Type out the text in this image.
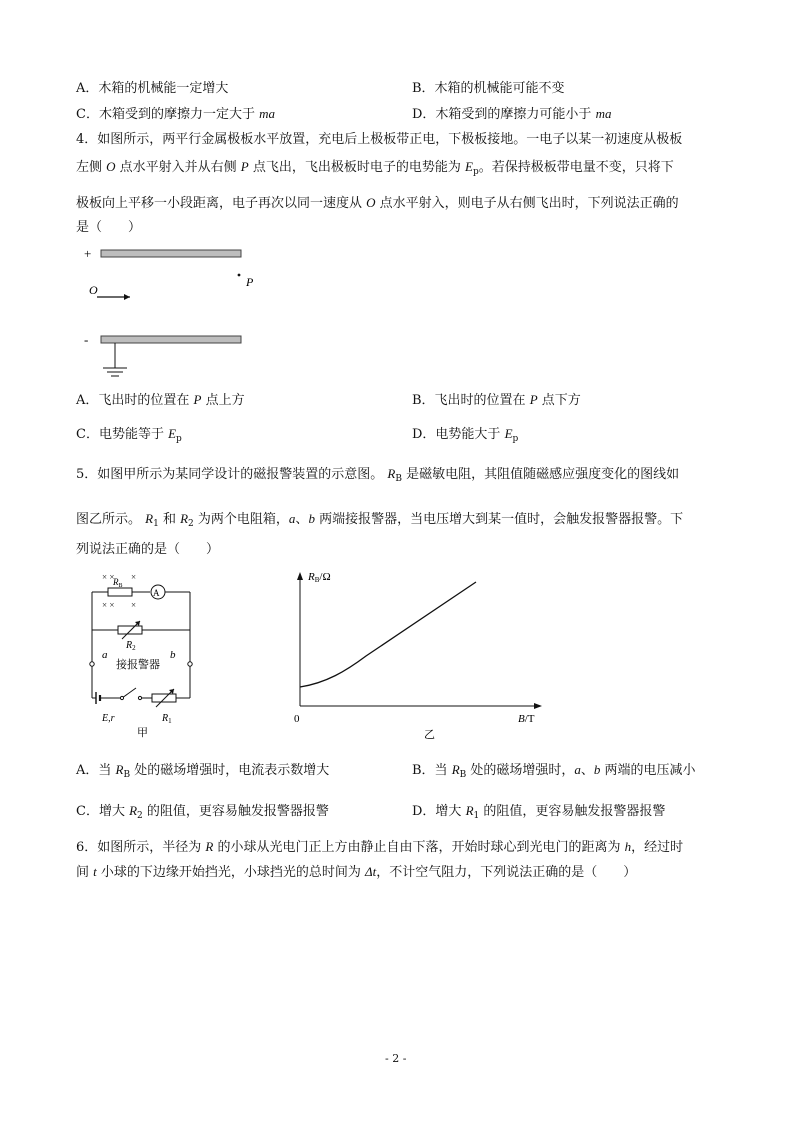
A．木箱的机械能一定增大	B．木箱的机械能可能不变
C．木箱受到的摩擦力一定大于 ma	D．木箱受到的摩擦力可能小于 ma
4．如图所示，两平行金属极板水平放置，充电后上极板带正电，下极板接地。一电子以某一初速度从极板
左侧 O 点水平射入并从右侧 P 点飞出，飞出极板时电子的电势能为 $E_p$。若保持极板带电量不变，只将下
极板向上平移一小段距离，电子再次以同一速度从 O 点水平射入，则电子从右侧飞出时，下列说法正确的
是（　　）
+
O
P
-
A．飞出时的位置在 P 点上方	B．飞出时的位置在 P 点下方
C．电势能等于 $E_p$	D．电势能大于 $E_p$
5．如图甲所示为某同学设计的磁报警装置的示意图。 $R_B$ 是磁敏电阻，其阻值随磁感应强度变化的图线如
图乙所示。 $R_1$ 和 $R_2$ 为两个电阻箱，a、b 两端接报警器，当电压增大到某一值时，会触发报警器报警。下
列说法正确的是（　　）
× × ×
× × ×
A
$R_B$
$R_2$
a	b
接报警器
E,r	$R_1$
甲
RB/Ω
0	B/T
乙
A．当 $R_B$ 处的磁场增强时，电流表示数增大	B．当 $R_B$ 处的磁场增强时，a、b 两端的电压减小
C．增大 $R_2$ 的阻值，更容易触发报警器报警	D．增大 $R_1$ 的阻值，更容易触发报警器报警
6．如图所示，半径为 R 的小球从光电门正上方由静止自由下落，开始时球心到光电门的距离为 h，经过时
间 t 小球的下边缘开始挡光，小球挡光的总时间为 Δt，不计空气阻力，下列说法正确的是（　　）
- 2 -
